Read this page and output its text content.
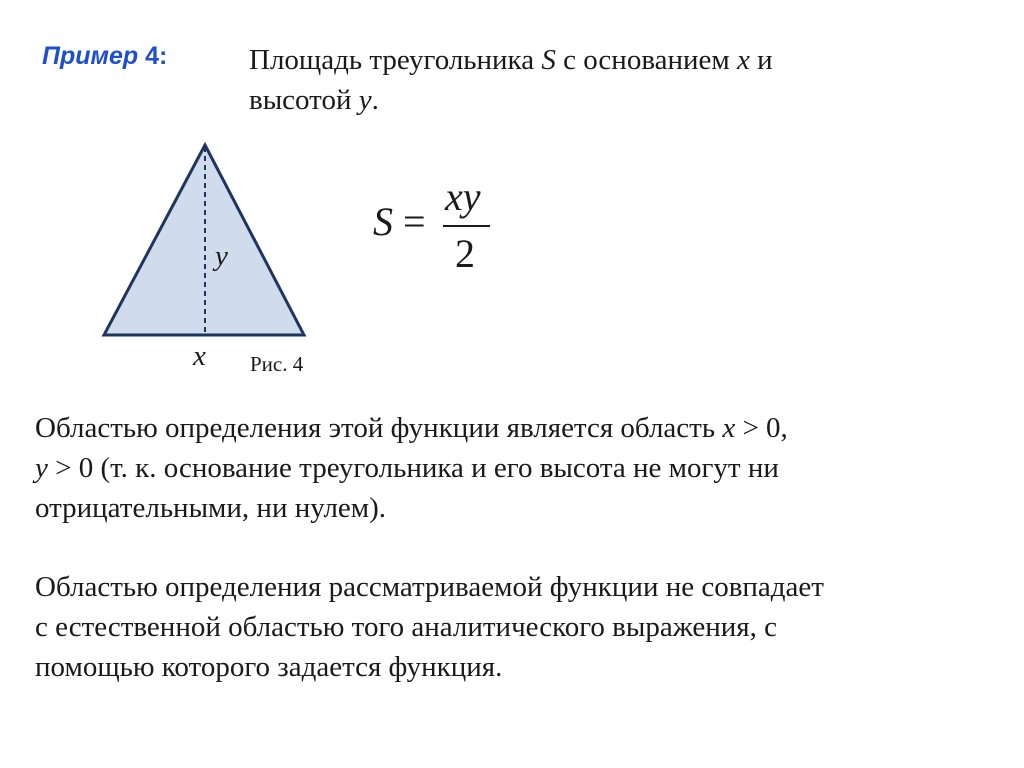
Пример 4:	Площадь треугольника S с основанием x и
высотой y.
y
x Рис. 4
S =
xy
2
Областью определения этой функции является область x > 0,
y > 0 (т. к. основание треугольника и его высота не могут ни
отрицательными, ни нулем).
Областью определения рассматриваемой функции не совпадает
с естественной областью того аналитического выражения, с
помощью которого задается функция.
